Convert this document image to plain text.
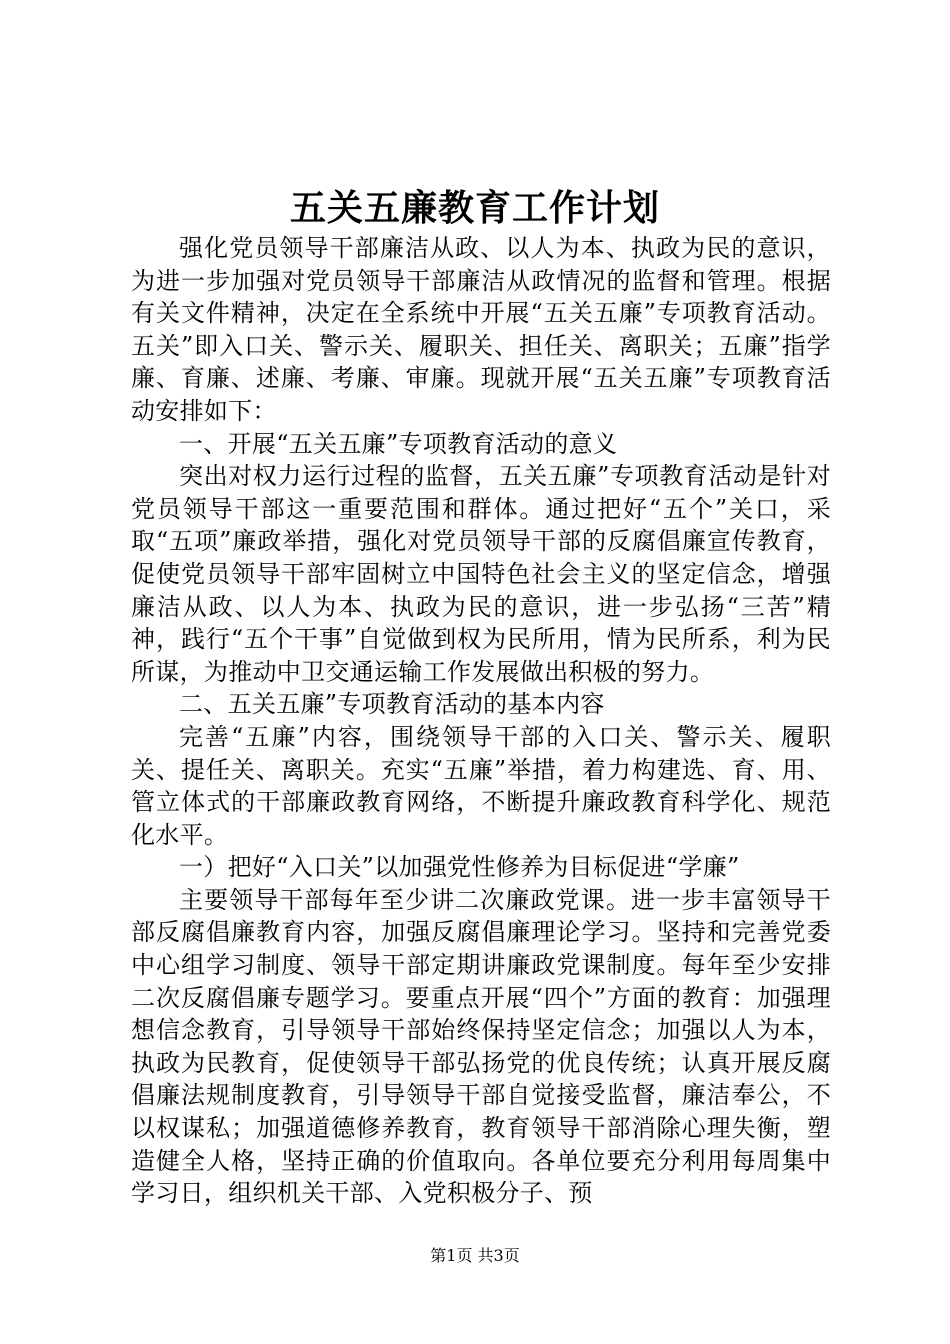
五关五廉教育工作计划

强化党员领导干部廉洁从政、以人为本、执政为民的意识，为进一步加强对党员领导干部廉洁从政情况的监督和管理。根据有关文件精神，决定在全系统中开展“五关五廉”专项教育活动。五关”即入口关、警示关、履职关、担任关、离职关；五廉”指学廉、育廉、述廉、考廉、审廉。现就开展“五关五廉”专项教育活动安排如下：

一、开展“五关五廉”专项教育活动的意义

突出对权力运行过程的监督，五关五廉”专项教育活动是针对党员领导干部这一重要范围和群体。通过把好“五个”关口，采取“五项”廉政举措，强化对党员领导干部的反腐倡廉宣传教育，促使党员领导干部牢固树立中国特色社会主义的坚定信念，增强廉洁从政、以人为本、执政为民的意识，进一步弘扬“三苦”精神，践行“五个干事”自觉做到权为民所用，情为民所系，利为民所谋，为推动中卫交通运输工作发展做出积极的努力。

二、五关五廉”专项教育活动的基本内容

完善“五廉”内容，围绕领导干部的入口关、警示关、履职关、提任关、离职关。充实“五廉”举措，着力构建选、育、用、管立体式的干部廉政教育网络，不断提升廉政教育科学化、规范化水平。

一）把好“入口关”以加强党性修养为目标促进“学廉”

主要领导干部每年至少讲二次廉政党课。进一步丰富领导干部反腐倡廉教育内容，加强反腐倡廉理论学习。坚持和完善党委中心组学习制度、领导干部定期讲廉政党课制度。每年至少安排二次反腐倡廉专题学习。要重点开展“四个”方面的教育：加强理想信念教育，引导领导干部始终保持坚定信念；加强以人为本，执政为民教育，促使领导干部弘扬党的优良传统；认真开展反腐倡廉法规制度教育，引导领导干部自觉接受监督，廉洁奉公，不以权谋私；加强道德修养教育，教育领导干部消除心理失衡，塑造健全人格，坚持正确的价值取向。各单位要充分利用每周集中学习日，组织机关干部、入党积极分子、预

第1页 共3页
